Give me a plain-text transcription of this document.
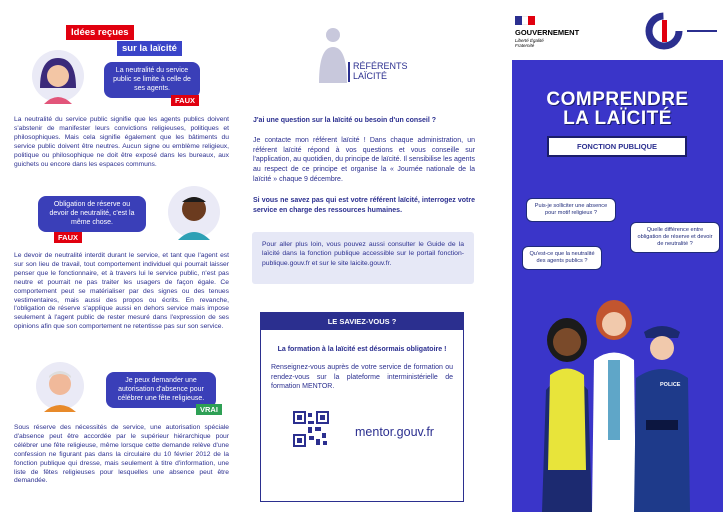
Idées reçues
sur la laïcité
La neutralité du service public se limite à celle de ses agents.
FAUX
La neutralité du service public signifie que les agents publics doivent s'abstenir de manifester leurs convictions religieuses, politiques et philosophiques. Mais cela signifie également que les bâtiments du service public doivent être neutres. Aucun signe ou emblème religieux, politique ou philosophique ne doit être exposé dans les bureaux, aux guichets ou encore dans les espaces communs.
Obligation de réserve ou devoir de neutralité, c'est la même chose.
FAUX
Le devoir de neutralité interdit durant le service, et tant que l'agent est sur son lieu de travail, tout comportement individuel qui pourrait laisser penser que le fonctionnaire, et à travers lui le service public, n'est pas neutre et pourrait ne pas traiter les usagers de façon égale. Ce comportement peut se matérialiser par des signes ou des tenues vestimentaires, mais aussi des propos ou écrits. En revanche, l'obligation de réserve s'applique aussi en dehors service mais impose seulement à l'agent public de rester mesuré dans l'expression de ses opinions afin que son comportement ne retentisse pas sur son service.
Je peux demander une autorisation d'absence pour célébrer une fête religieuse.
VRAI
Sous réserve des nécessités de service, une autorisation spéciale d'absence peut être accordée par le supérieur hiérarchique pour célébrer une fête religieuse, même lorsque cette demande relève d'une confession ne figurant pas dans la circulaire du 10 février 2012 de la fonction publique qui dresse, mais seulement à titre d'information, une liste de fêtes religieuses pour lesquelles une absence peut être demandée.
RÉFÉRENTS
LAÏCITÉ
J'ai une question sur la laïcité ou besoin d'un conseil ?
Je contacte mon référent laïcité ! Dans chaque administration, un référent laïcité répond à vos questions et vous conseille sur l'application, au quotidien, du principe de laïcité. Il sensibilise les agents au respect de ce principe et organise la « Journée nationale de la laïcité » chaque 9 décembre.
Si vous ne savez pas qui est votre référent laïcité, interrogez votre service en charge des ressources humaines.
Pour aller plus loin, vous pouvez aussi consulter le Guide de la laïcité dans la fonction publique accessible sur le portail fonction-publique.gouv.fr et sur le site laicite.gouv.fr.
LE SAVIEZ-VOUS ?
La formation à la laïcité est désormais obligatoire !
Renseignez-vous auprès de votre service de formation ou rendez-vous sur la plateforme interministérielle de formation MENTOR.
mentor.gouv.fr
GOUVERNEMENT
Liberté Égalité Fraternité
COMPRENDRE
LA LAÏCITÉ
FONCTION PUBLIQUE
Puis-je solliciter une absence pour motif religieux ?
Quelle différence entre obligation de réserve et devoir de neutralité ?
Qu'est-ce que la neutralité des agents publics ?
POLICE
